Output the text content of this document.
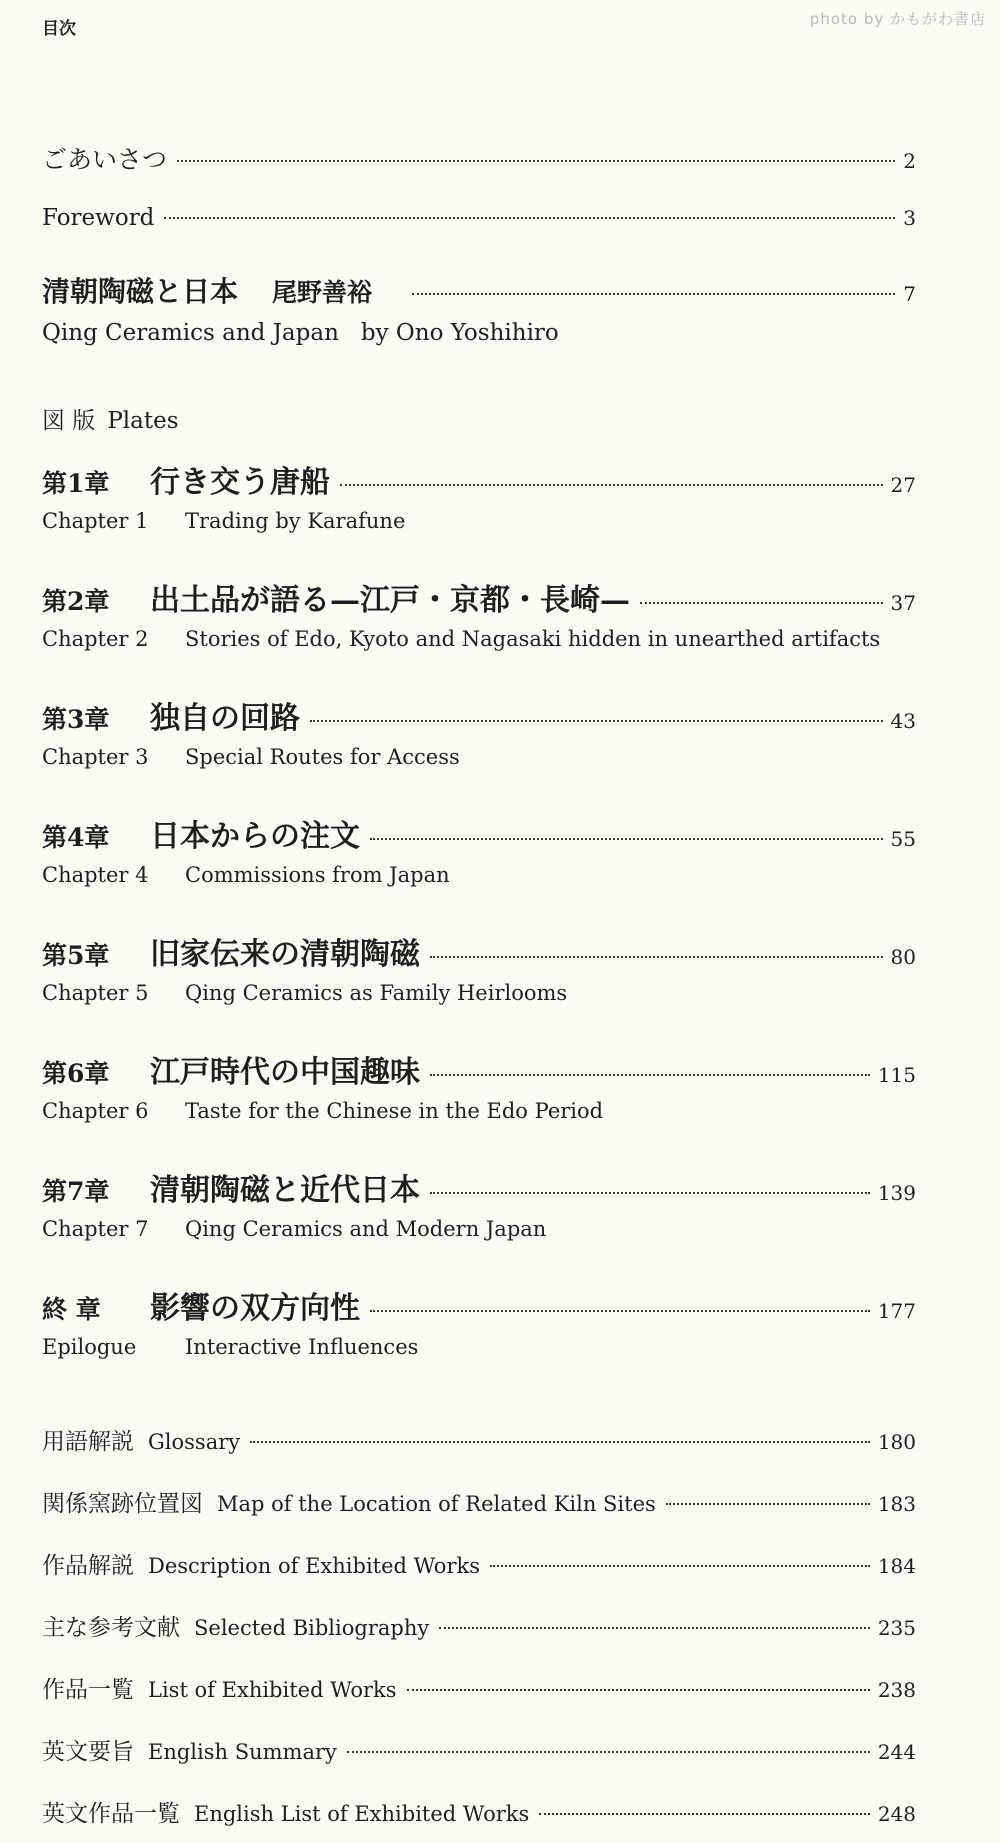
目次	photo by かもがわ書店
ごあいさつ	2
Foreword	3
清朝陶磁と日本 尾野善裕	7
Qing Ceramics and Japan by Ono Yoshihiro
図 版 Plates
第1章	行き交う唐船	27
Chapter 1	Trading by Karafune
第2章	出土品が語る—江戸・京都・長崎—	37
Chapter 2	Stories of Edo, Kyoto and Nagasaki hidden in unearthed artifacts
第3章	独自の回路	43
Chapter 3	Special Routes for Access
第4章	日本からの注文	55
Chapter 4	Commissions from Japan
第5章	旧家伝来の清朝陶磁	80
Chapter 5	Qing Ceramics as Family Heirlooms
第6章	江戸時代の中国趣味	115
Chapter 6	Taste for the Chinese in the Edo Period
第7章	清朝陶磁と近代日本	139
Chapter 7	Qing Ceramics and Modern Japan
終 章	影響の双方向性	177
Epilogue	Interactive Influences
用語解説 Glossary	180
関係窯跡位置図 Map of the Location of Related Kiln Sites	183
作品解説 Description of Exhibited Works	184
主な参考文献 Selected Bibliography	235
作品一覧 List of Exhibited Works	238
英文要旨 English Summary	244
英文作品一覧 English List of Exhibited Works	248
